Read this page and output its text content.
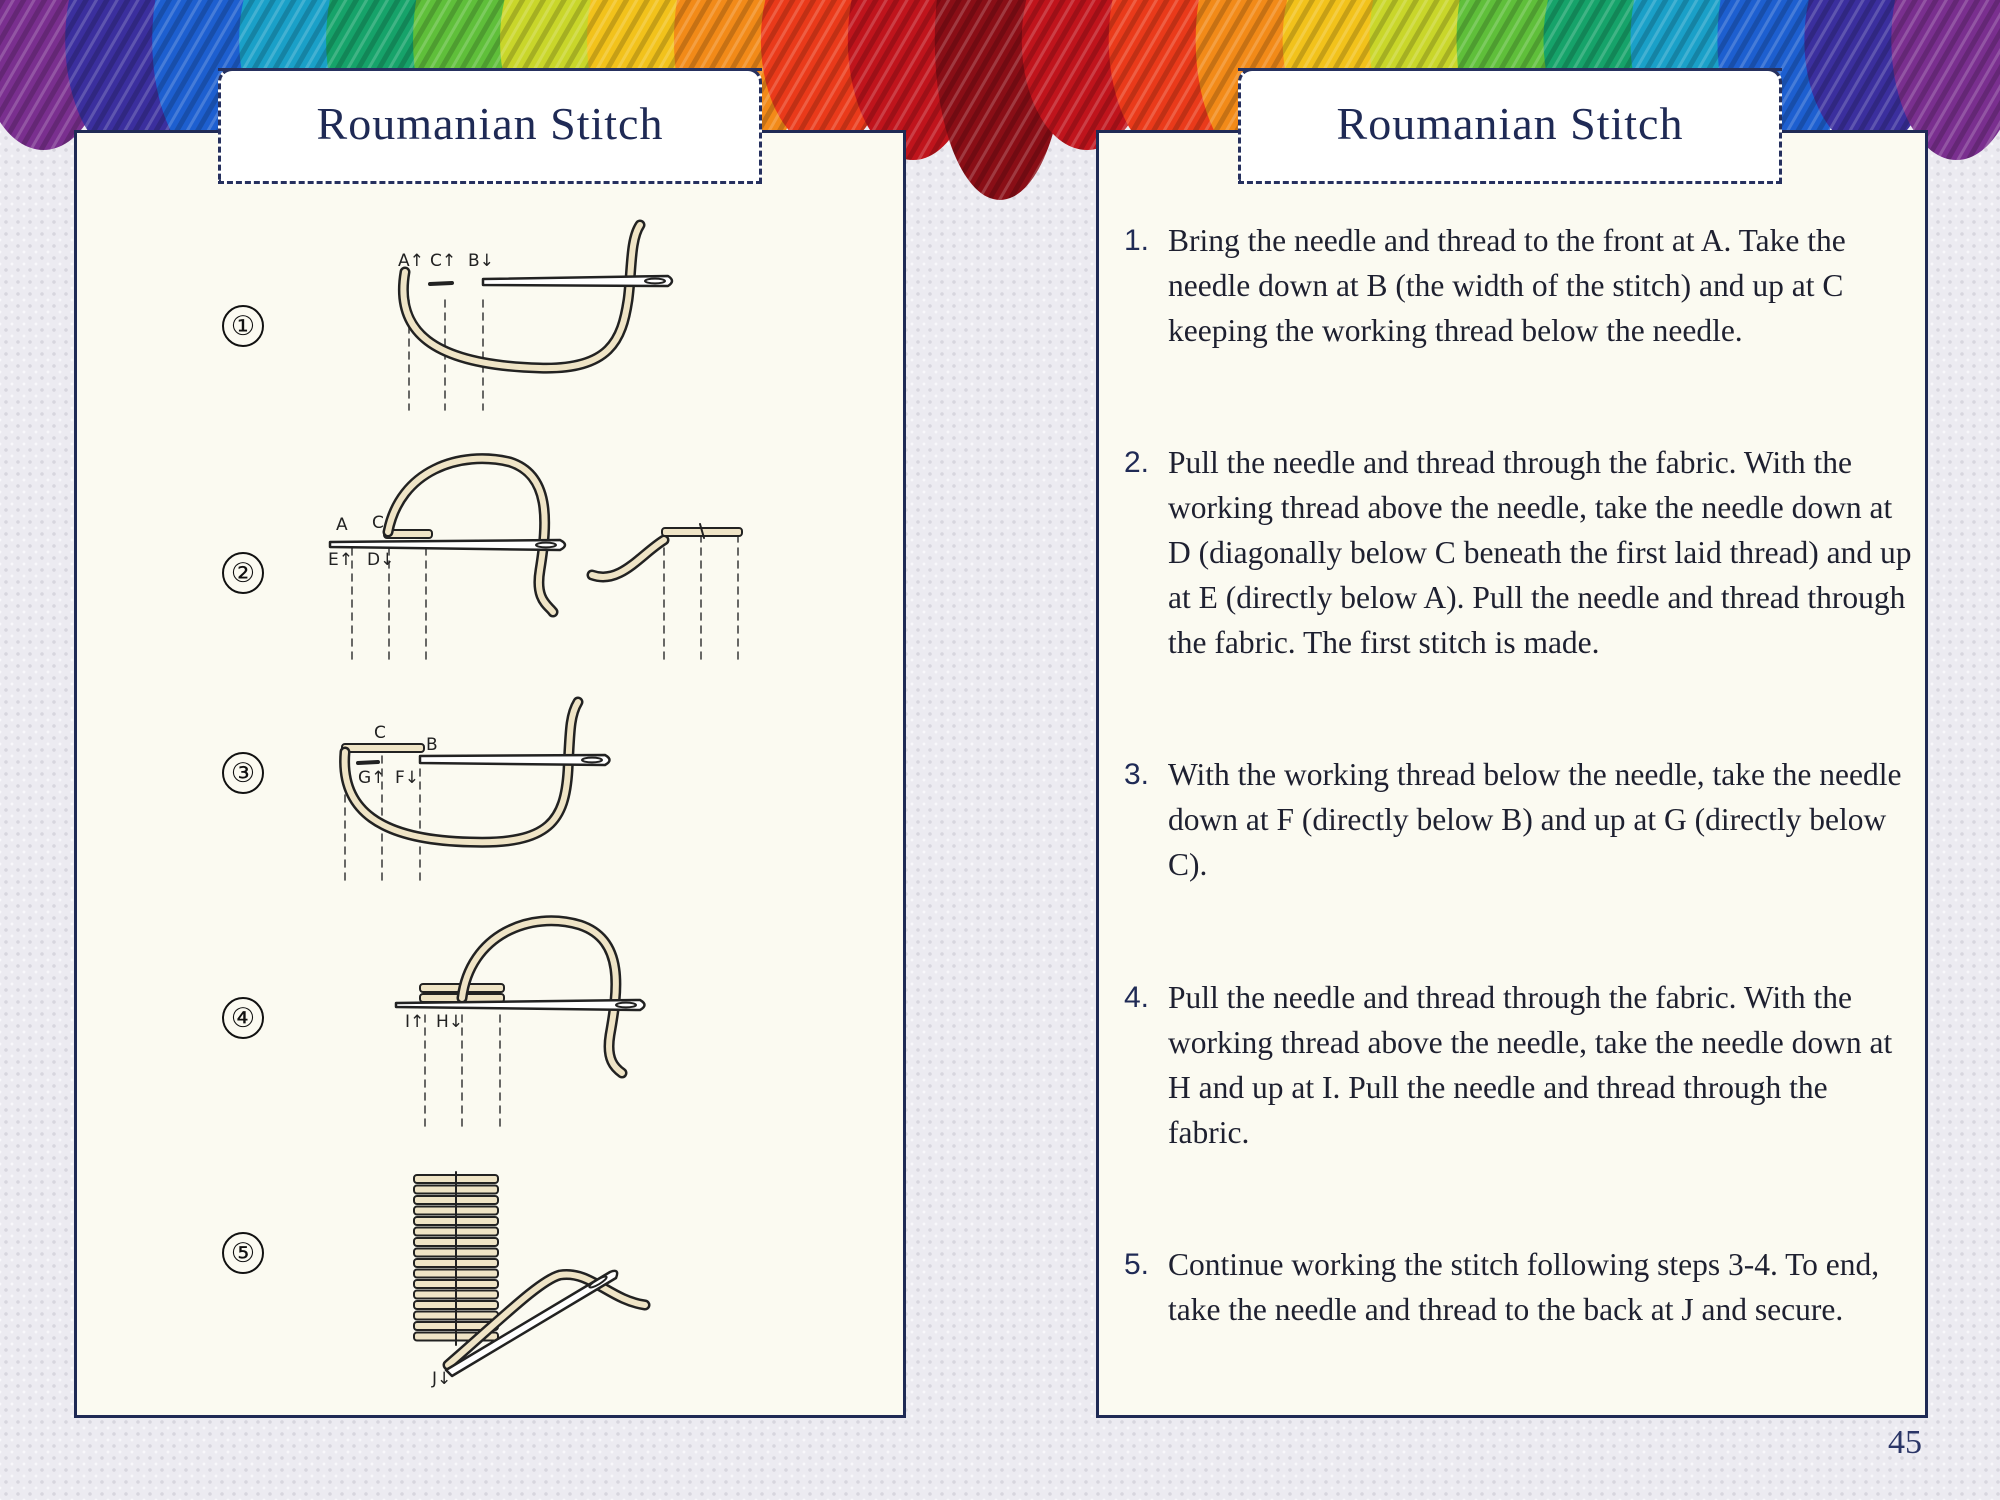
Roumanian Stitch	Roumanian Stitch
①
②
③
④
⑤
A↑ C↑ B↓
A C
E↑ D↓
C
B
G↑ F↓
I↑ H↓
J↓
1. Bring the needle and thread to the front at A. Take the needle down at B (the width of the stitch) and up at C keeping the working thread below the needle.
2. Pull the needle and thread through the fabric. With the working thread above the needle, take the needle down at D (diagonally below C beneath the first laid thread) and up at E (directly below A). Pull the needle and thread through the fabric. The first stitch is made.
3. With the working thread below the needle, take the needle down at F (directly below B) and up at G (directly below C).
4. Pull the needle and thread through the fabric. With the working thread above the needle, take the needle down at H and up at I. Pull the needle and thread through the fabric.
5. Continue working the stitch following steps 3-4. To end, take the needle and thread to the back at J and secure.
45
